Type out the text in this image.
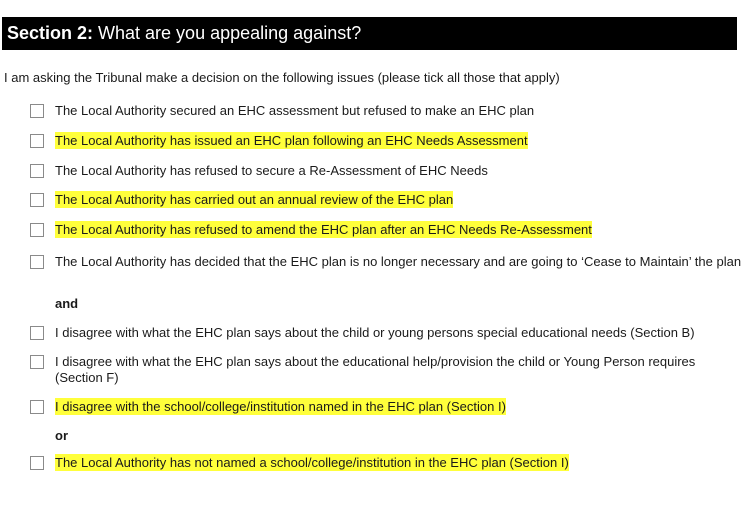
Section 2: What are you appealing against?
I am asking the Tribunal make a decision on the following issues (please tick all those that apply)
The Local Authority secured an EHC assessment but refused to make an EHC plan
The Local Authority has issued an EHC plan following an EHC Needs Assessment
The Local Authority has refused to secure a Re-Assessment of EHC Needs
The Local Authority has carried out an annual review of the EHC plan
The Local Authority has refused to amend the EHC plan after an EHC Needs Re-Assessment
The Local Authority has decided that the EHC plan is no longer necessary and are going to ‘Cease to Maintain’ the plan
and
I disagree with what the EHC plan says about the child or young persons special educational needs (Section B)
I disagree with what the EHC plan says about the educational help/provision the child or Young Person requires (Section F)
I disagree with the school/college/institution named in the EHC plan (Section I)
or
The Local Authority has not named a school/college/institution in the EHC plan (Section I)
